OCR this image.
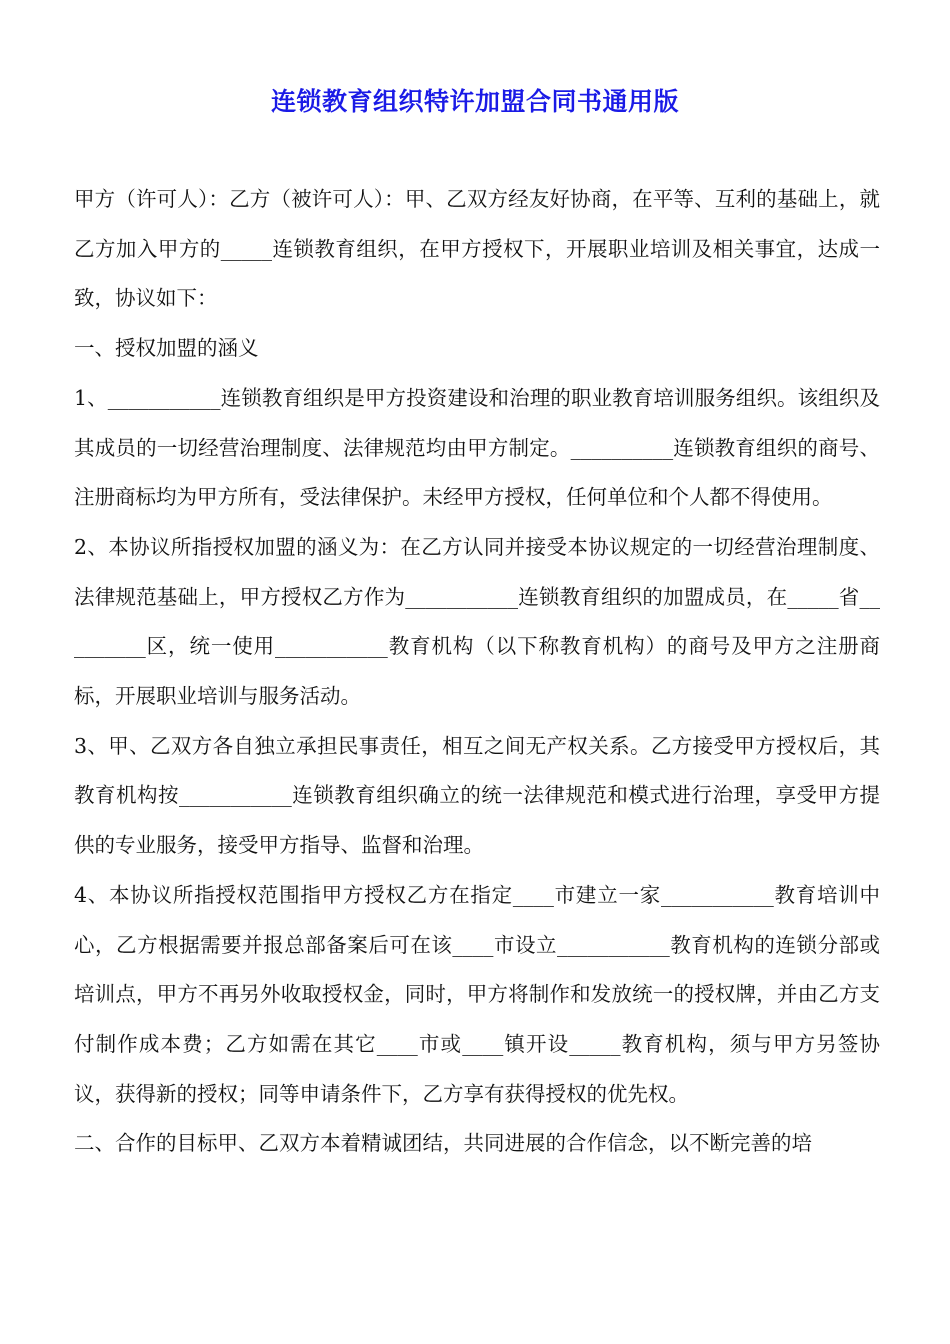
连锁教育组织特许加盟合同书通用版

甲方（许可人）：乙方（被许可人）：甲、乙双方经友好协商，在平等、互利的基础上，就乙方加入甲方的_____连锁教育组织，在甲方授权下，开展职业培训及相关事宜，达成一致，协议如下：

一、授权加盟的涵义

1、___________连锁教育组织是甲方投资建设和治理的职业教育培训服务组织。该组织及其成员的一切经营治理制度、法律规范均由甲方制定。__________连锁教育组织的商号、注册商标均为甲方所有，受法律保护。未经甲方授权，任何单位和个人都不得使用。

2、本协议所指授权加盟的涵义为：在乙方认同并接受本协议规定的一切经营治理制度、法律规范基础上，甲方授权乙方作为___________连锁教育组织的加盟成员，在_____省_________区，统一使用___________教育机构（以下称教育机构）的商号及甲方之注册商标，开展职业培训与服务活动。

3、甲、乙双方各自独立承担民事责任，相互之间无产权关系。乙方接受甲方授权后，其教育机构按___________连锁教育组织确立的统一法律规范和模式进行治理，享受甲方提供的专业服务，接受甲方指导、监督和治理。

4、本协议所指授权范围指甲方授权乙方在指定____市建立一家___________教育培训中心，乙方根据需要并报总部备案后可在该____市设立___________教育机构的连锁分部或培训点，甲方不再另外收取授权金，同时，甲方将制作和发放统一的授权牌，并由乙方支付制作成本费；乙方如需在其它____市或____镇开设_____教育机构，须与甲方另签协议，获得新的授权；同等申请条件下，乙方享有获得授权的优先权。

二、合作的目标甲、乙双方本着精诚团结，共同进展的合作信念，以不断完善的培
